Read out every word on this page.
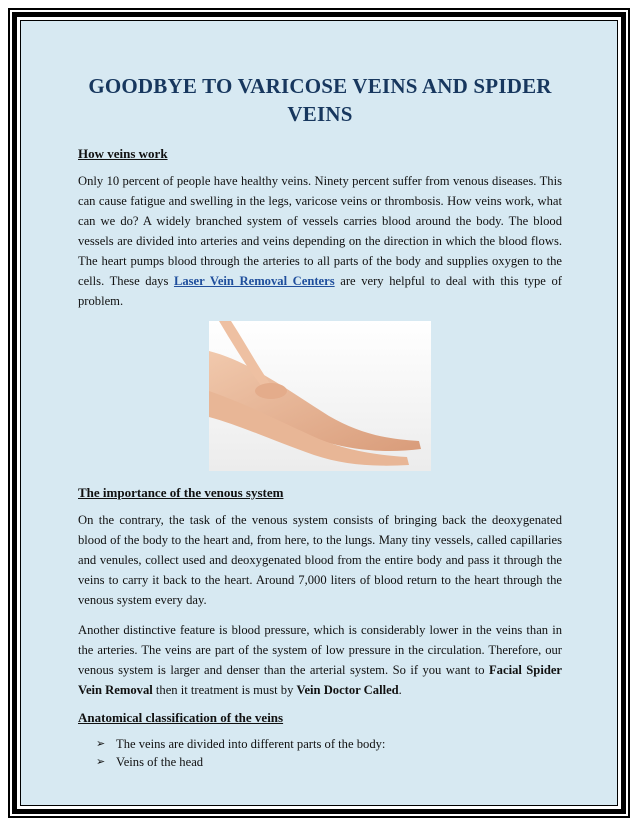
GOODBYE TO VARICOSE VEINS AND SPIDER VEINS
How veins work

Only 10 percent of people have healthy veins. Ninety percent suffer from venous diseases. This can cause fatigue and swelling in the legs, varicose veins or thrombosis. How veins work, what can we do? A widely branched system of vessels carries blood around the body. The blood vessels are divided into arteries and veins depending on the direction in which the blood flows. The heart pumps blood through the arteries to all parts of the body and supplies oxygen to the cells. These days Laser Vein Removal Centers are very helpful to deal with this type of problem.

The importance of the venous system

On the contrary, the task of the venous system consists of bringing back the deoxygenated blood of the body to the heart and, from here, to the lungs. Many tiny vessels, called capillaries and venules, collect used and deoxygenated blood from the entire body and pass it through the veins to carry it back to the heart. Around 7,000 liters of blood return to the heart through the venous system every day.

Another distinctive feature is blood pressure, which is considerably lower in the veins than in the arteries. The veins are part of the system of low pressure in the circulation. Therefore, our venous system is larger and denser than the arterial system. So if you want to Facial Spider Vein Removal then it treatment is must by Vein Doctor Called.

Anatomical classification of the veins
➢ The veins are divided into different parts of the body:
➢ Veins of the head
